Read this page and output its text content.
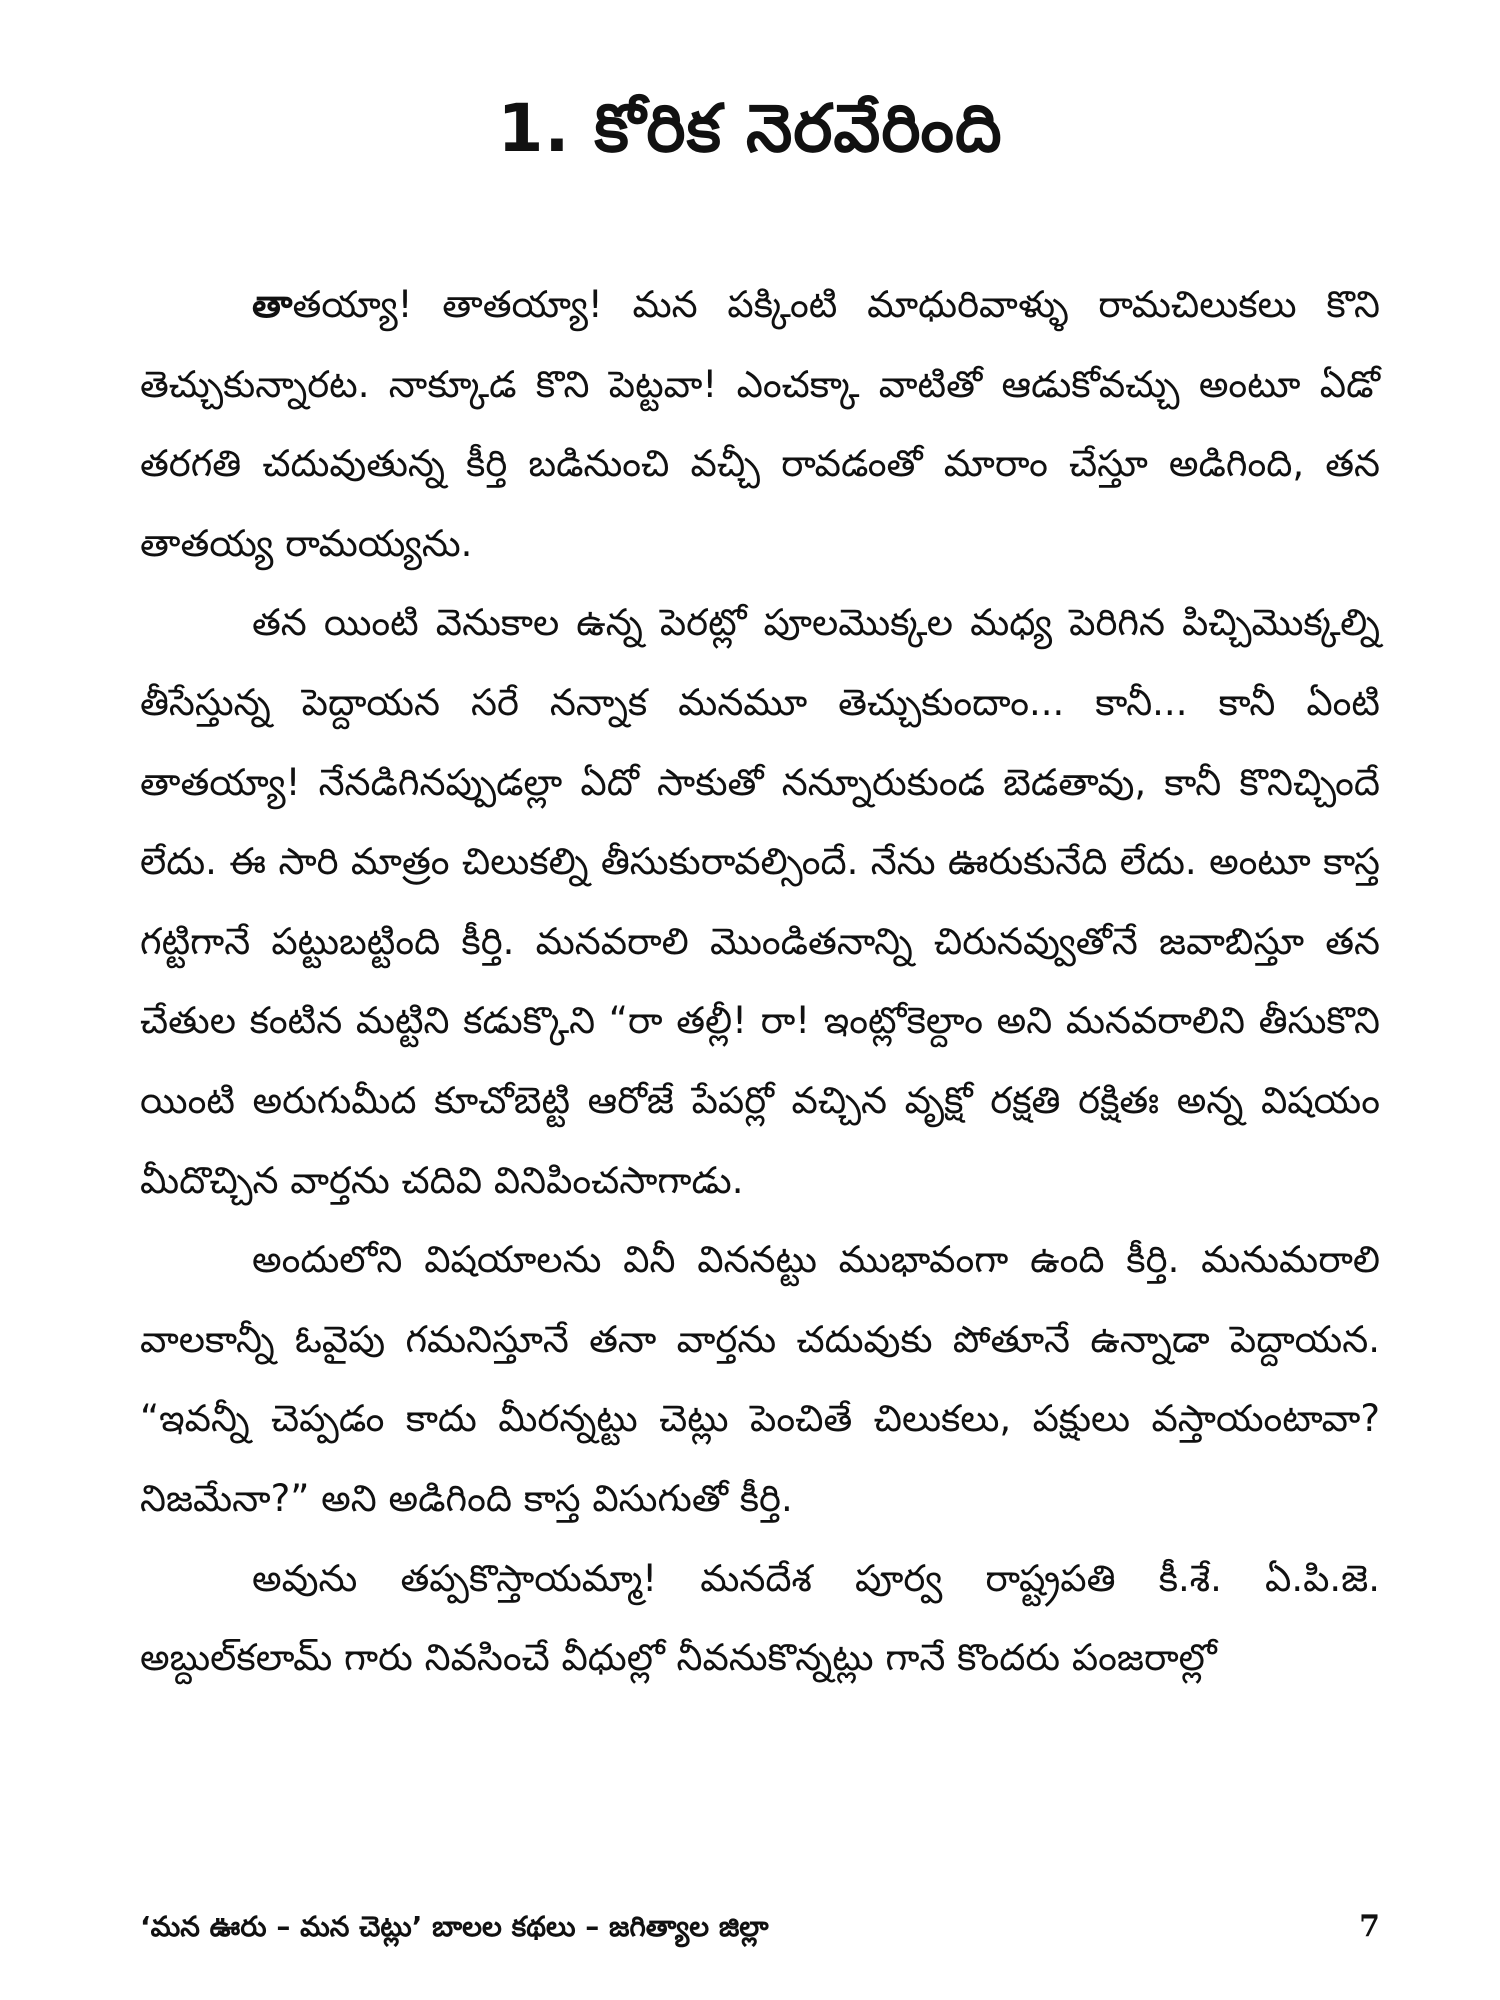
1. కోరిక నెరవేరింది

తాతయ్యా! తాతయ్యా! మన పక్కింటి మాధురివాళ్ళు రామచిలుకలు కొని తెచ్చుకున్నారట. నాక్కూడ కొని పెట్టవా! ఎంచక్కా వాటితో ఆడుకోవచ్చు అంటూ ఏడో తరగతి చదువుతున్న కీర్తి బడినుంచి వచ్చీ రావడంతో మారాం చేస్తూ అడిగింది, తన తాతయ్య రామయ్యను.

తన యింటి వెనుకాల ఉన్న పెరట్లో పూలమొక్కల మధ్య పెరిగిన పిచ్చిమొక్కల్ని తీసేస్తున్న పెద్దాయన సరే నన్నాక మనమూ తెచ్చుకుందాం... కానీ... కానీ ఏంటి తాతయ్యా! నేనడిగినప్పుడల్లా ఏదో సాకుతో నన్నూరుకుండ బెడతావు, కానీ కొనిచ్చిందే లేదు. ఈ సారి మాత్రం చిలుకల్ని తీసుకురావల్సిందే. నేను ఊరుకునేది లేదు. అంటూ కాస్త గట్టిగానే పట్టుబట్టింది కీర్తి. మనవరాలి మొండితనాన్ని చిరునవ్వుతోనే జవాబిస్తూ తన చేతుల కంటిన మట్టిని కడుక్కొని “రా తల్లీ! రా! ఇంట్లోకెల్దాం అని మనవరాలిని తీసుకొని యింటి అరుగుమీద కూచోబెట్టి ఆరోజే పేపర్లో వచ్చిన వృక్షో రక్షతి రక్షితః అన్న విషయం మీదొచ్చిన వార్తను చదివి వినిపించసాగాడు.

అందులోని విషయాలను వినీ విననట్టు ముభావంగా ఉంది కీర్తి. మనుమరాలి వాలకాన్నీ ఓవైపు గమనిస్తూనే తనా వార్తను చదువుకు పోతూనే ఉన్నాడా పెద్దాయన. “ఇవన్నీ చెప్పడం కాదు మీరన్నట్టు చెట్లు పెంచితే చిలుకలు, పక్షులు వస్తాయంటావా? నిజమేనా?” అని అడిగింది కాస్త విసుగుతో కీర్తి.

అవును తప్పకొస్తాయమ్మా! మనదేశ పూర్వ రాష్ట్రపతి కీ.శే. ఏ.పి.జె. అబ్దుల్‌కలామ్ గారు నివసించే వీధుల్లో నీవనుకొన్నట్లు గానే కొందరు పంజరాల్లో

‘మన ఊరు – మన చెట్లు’ బాలల కథలు – జగిత్యాల జిల్లా	7
